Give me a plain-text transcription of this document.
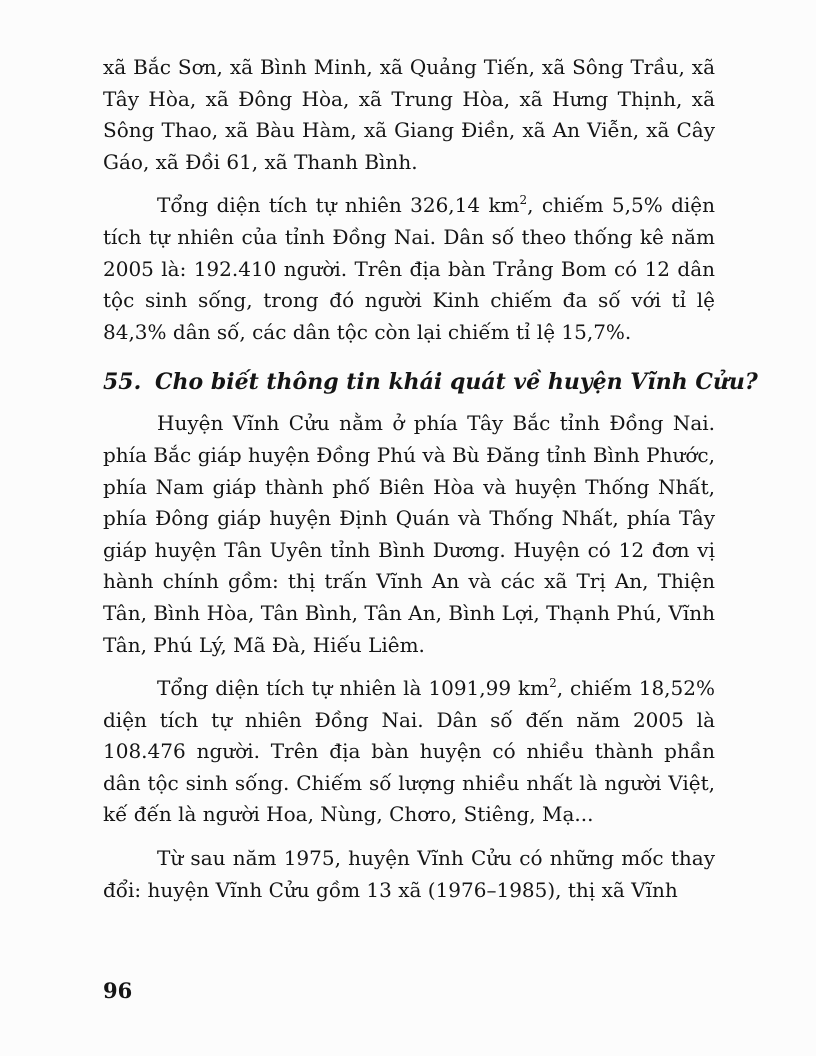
xã Bắc Sơn, xã Bình Minh, xã Quảng Tiến, xã Sông Trầu, xã Tây Hòa, xã Đông Hòa, xã Trung Hòa, xã Hưng Thịnh, xã Sông Thao, xã Bàu Hàm, xã Giang Điền, xã An Viễn, xã Cây Gáo, xã Đồi 61, xã Thanh Bình.

Tổng diện tích tự nhiên 326,14 $km^2$, chiếm 5,5% diện tích tự nhiên của tỉnh Đồng Nai. Dân số theo thống kê năm 2005 là: 192.410 người. Trên địa bàn Trảng Bom có 12 dân tộc sinh sống, trong đó người Kinh chiếm đa số với tỉ lệ 84,3% dân số, các dân tộc còn lại chiếm tỉ lệ 15,7%.

55. Cho biết thông tin khái quát về huyện Vĩnh Cửu?

Huyện Vĩnh Cửu nằm ở phía Tây Bắc tỉnh Đồng Nai. phía Bắc giáp huyện Đồng Phú và Bù Đăng tỉnh Bình Phước, phía Nam giáp thành phố Biên Hòa và huyện Thống Nhất, phía Đông giáp huyện Định Quán và Thống Nhất, phía Tây giáp huyện Tân Uyên tỉnh Bình Dương. Huyện có 12 đơn vị hành chính gồm: thị trấn Vĩnh An và các xã Trị An, Thiện Tân, Bình Hòa, Tân Bình, Tân An, Bình Lợi, Thạnh Phú, Vĩnh Tân, Phú Lý, Mã Đà, Hiếu Liêm.

Tổng diện tích tự nhiên là 1091,99 $km^2$, chiếm 18,52% diện tích tự nhiên Đồng Nai. Dân số đến năm 2005 là 108.476 người. Trên địa bàn huyện có nhiều thành phần dân tộc sinh sống. Chiếm số lượng nhiều nhất là người Việt, kế đến là người Hoa, Nùng, Chơro, Stiêng, Mạ...

Từ sau năm 1975, huyện Vĩnh Cửu có những mốc thay đổi: huyện Vĩnh Cửu gồm 13 xã (1976–1985), thị xã Vĩnh

96
